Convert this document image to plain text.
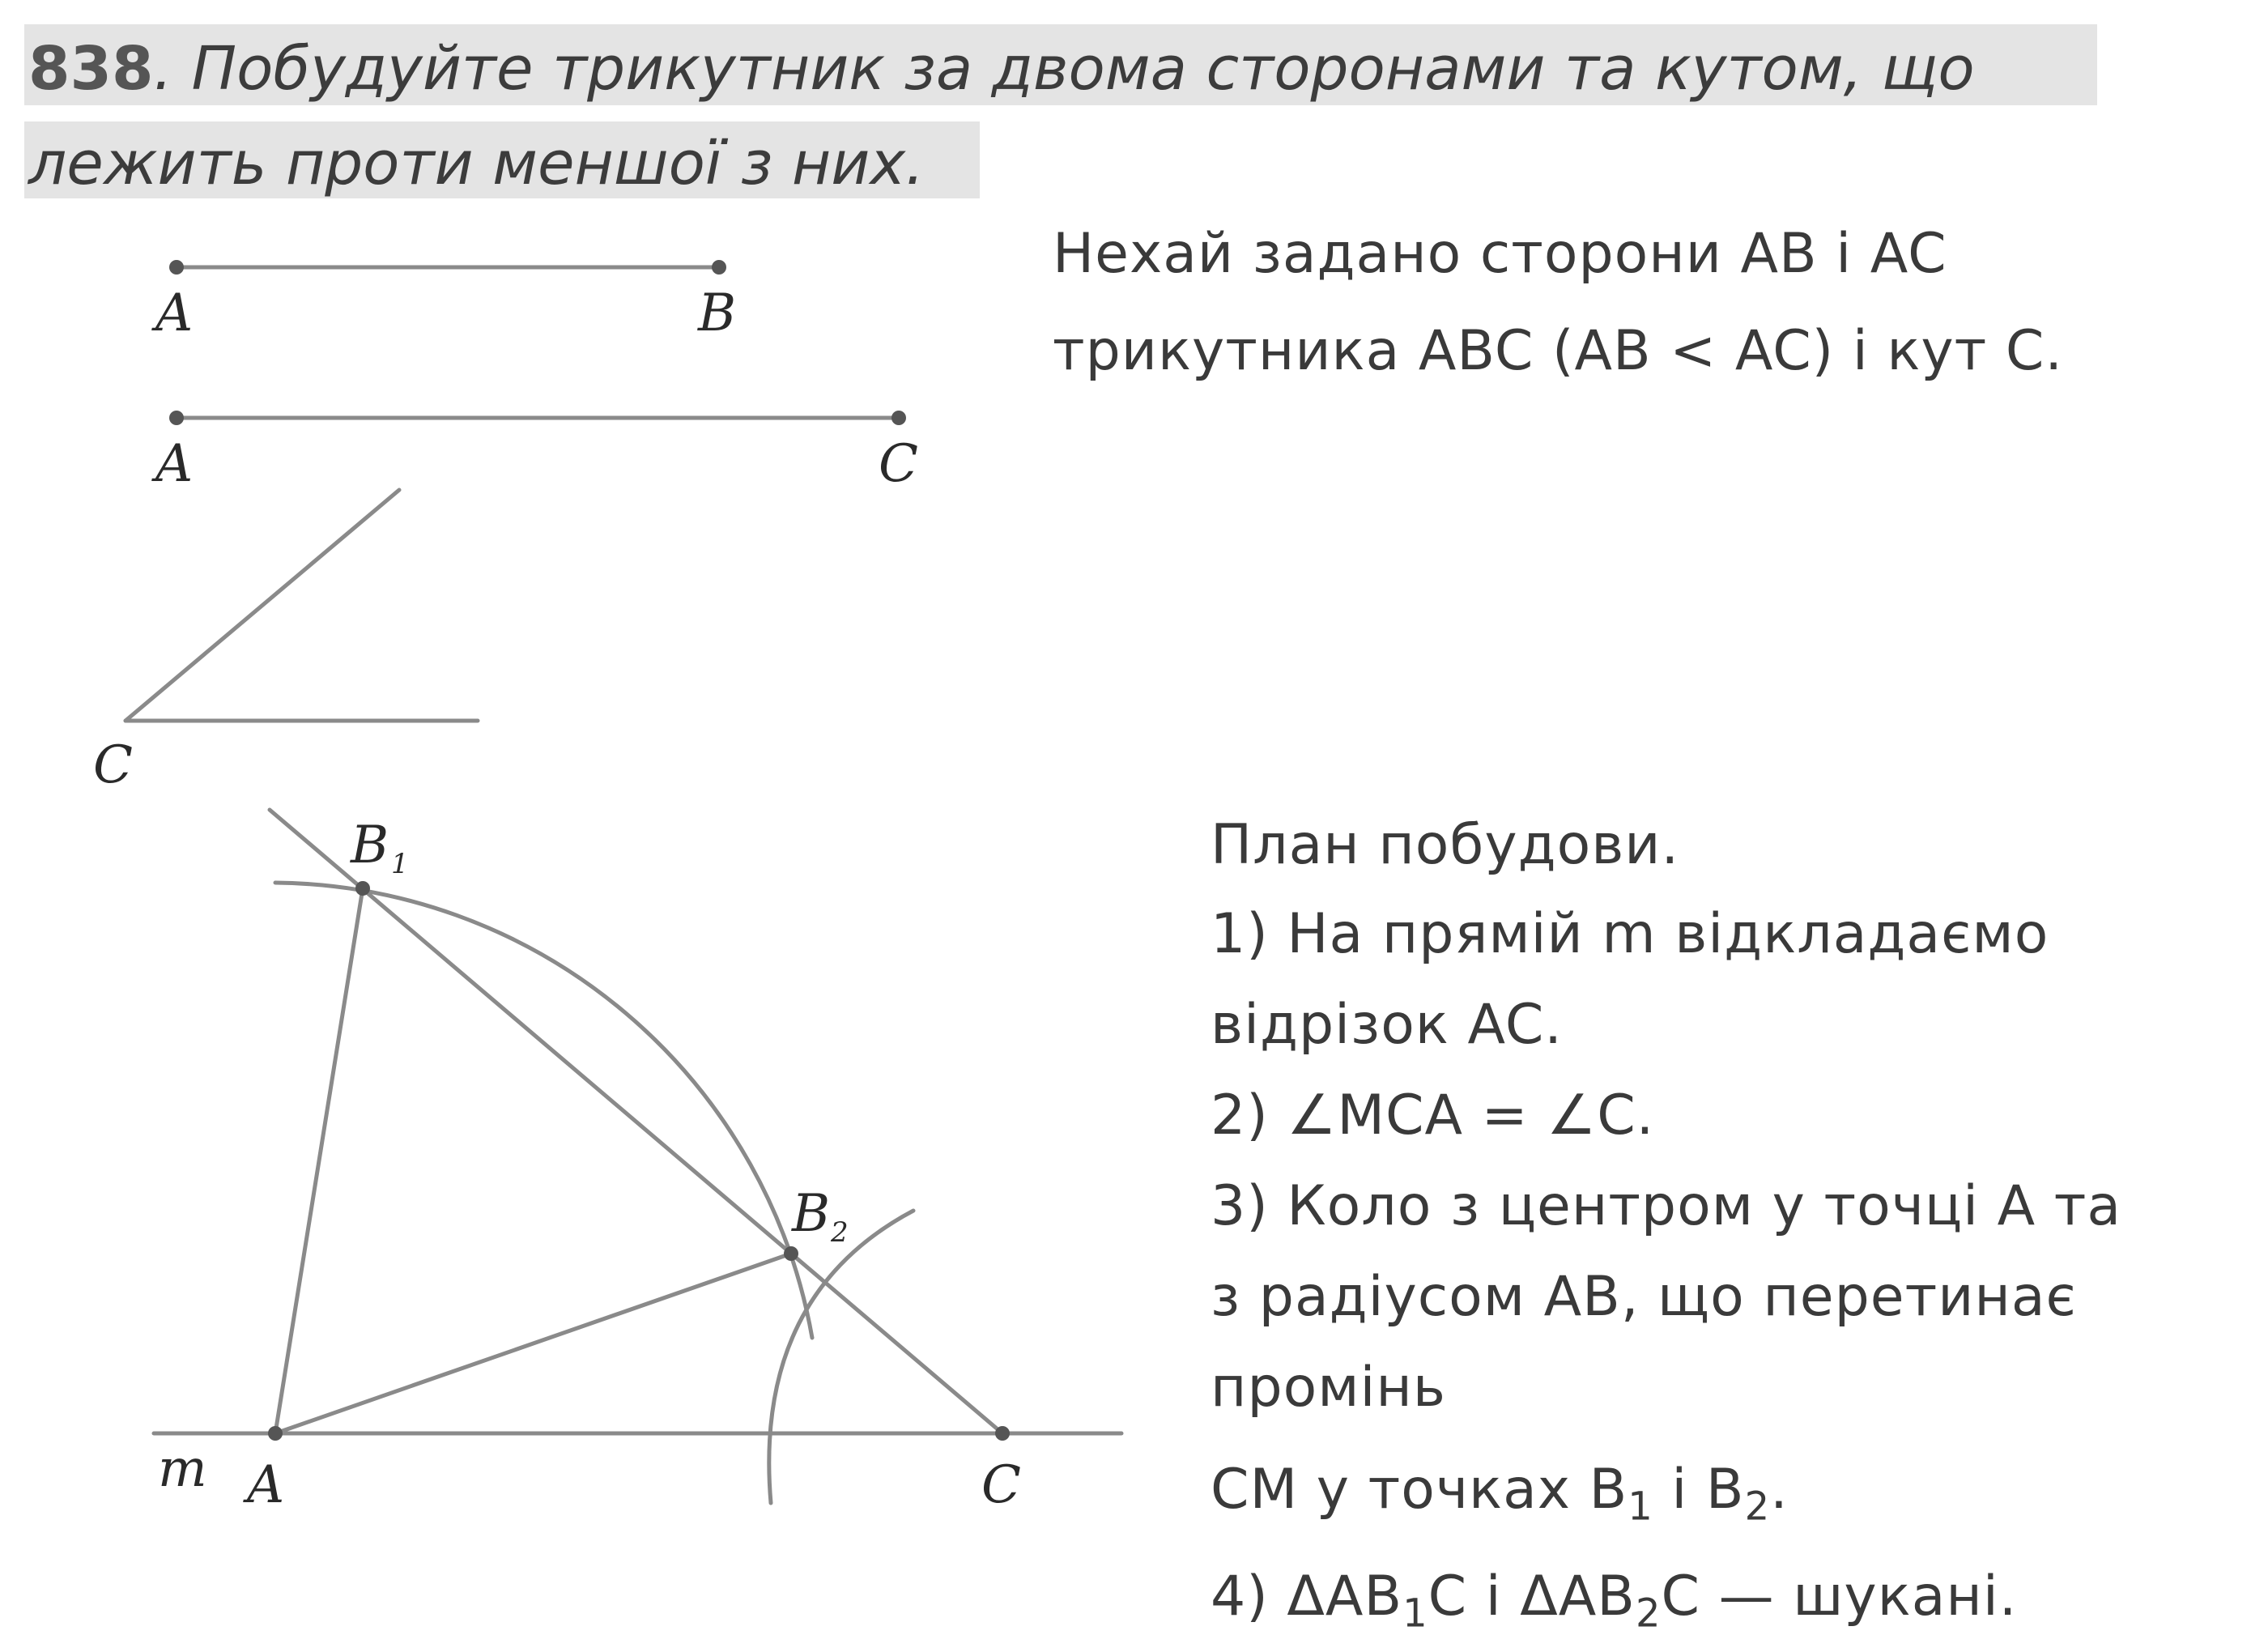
838. Побудуйте трикутник за двома сторонами та кутом, що
лежить проти меншої з них.
Нехай задано сторони AB і AC
трикутника ABC (AB < AC) і кут C.
План побудови.
1) На прямій m відкладаємо
відрізок AC.
2) ∠MCA = ∠C.
3) Коло з центром у точці A та
з радіусом AB, що перетинає
промінь
CM у точках $B_1$ і $B_2$.
4) $\Delta AB_1C$ і $\Delta AB_2C$ — шукані.
A	B
A	C
C
B 1
B 2
m A	C
